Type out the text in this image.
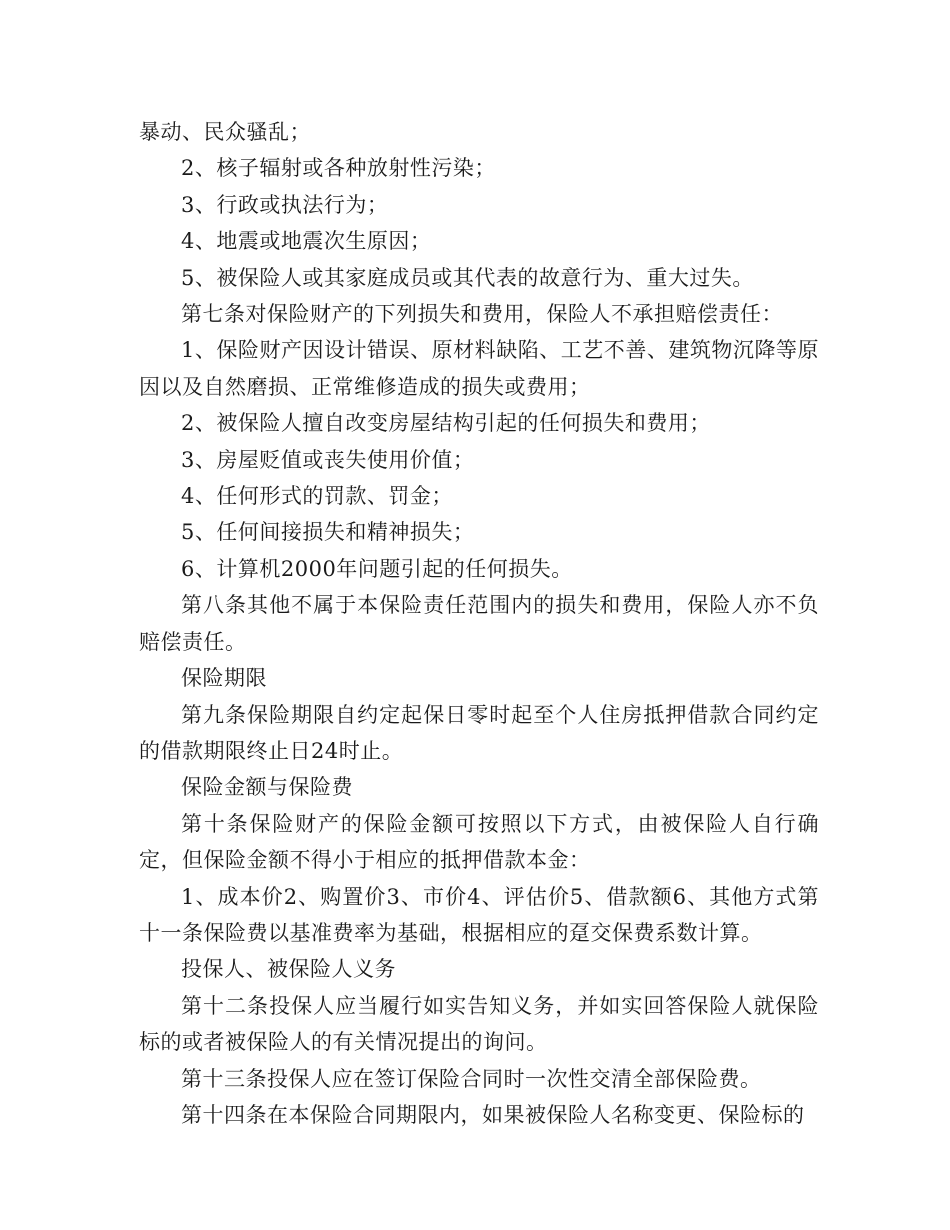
暴动、民众骚乱；

2、核子辐射或各种放射性污染；

3、行政或执法行为；

4、地震或地震次生原因；

5、被保险人或其家庭成员或其代表的故意行为、重大过失。

第七条对保险财产的下列损失和费用，保险人不承担赔偿责任：

1、保险财产因设计错误、原材料缺陷、工艺不善、建筑物沉降等原因以及自然磨损、正常维修造成的损失或费用；

2、被保险人擅自改变房屋结构引起的任何损失和费用；

3、房屋贬值或丧失使用价值；

4、任何形式的罚款、罚金；

5、任何间接损失和精神损失；

6、计算机2000年问题引起的任何损失。

第八条其他不属于本保险责任范围内的损失和费用，保险人亦不负赔偿责任。

保险期限

第九条保险期限自约定起保日零时起至个人住房抵押借款合同约定的借款期限终止日24时止。

保险金额与保险费

第十条保险财产的保险金额可按照以下方式，由被保险人自行确定，但保险金额不得小于相应的抵押借款本金：

1、成本价2、购置价3、市价4、评估价5、借款额6、其他方式第十一条保险费以基准费率为基础，根据相应的趸交保费系数计算。

投保人、被保险人义务

第十二条投保人应当履行如实告知义务，并如实回答保险人就保险标的或者被保险人的有关情况提出的询问。

第十三条投保人应在签订保险合同时一次性交清全部保险费。

第十四条在本保险合同期限内，如果被保险人名称变更、保险标的
